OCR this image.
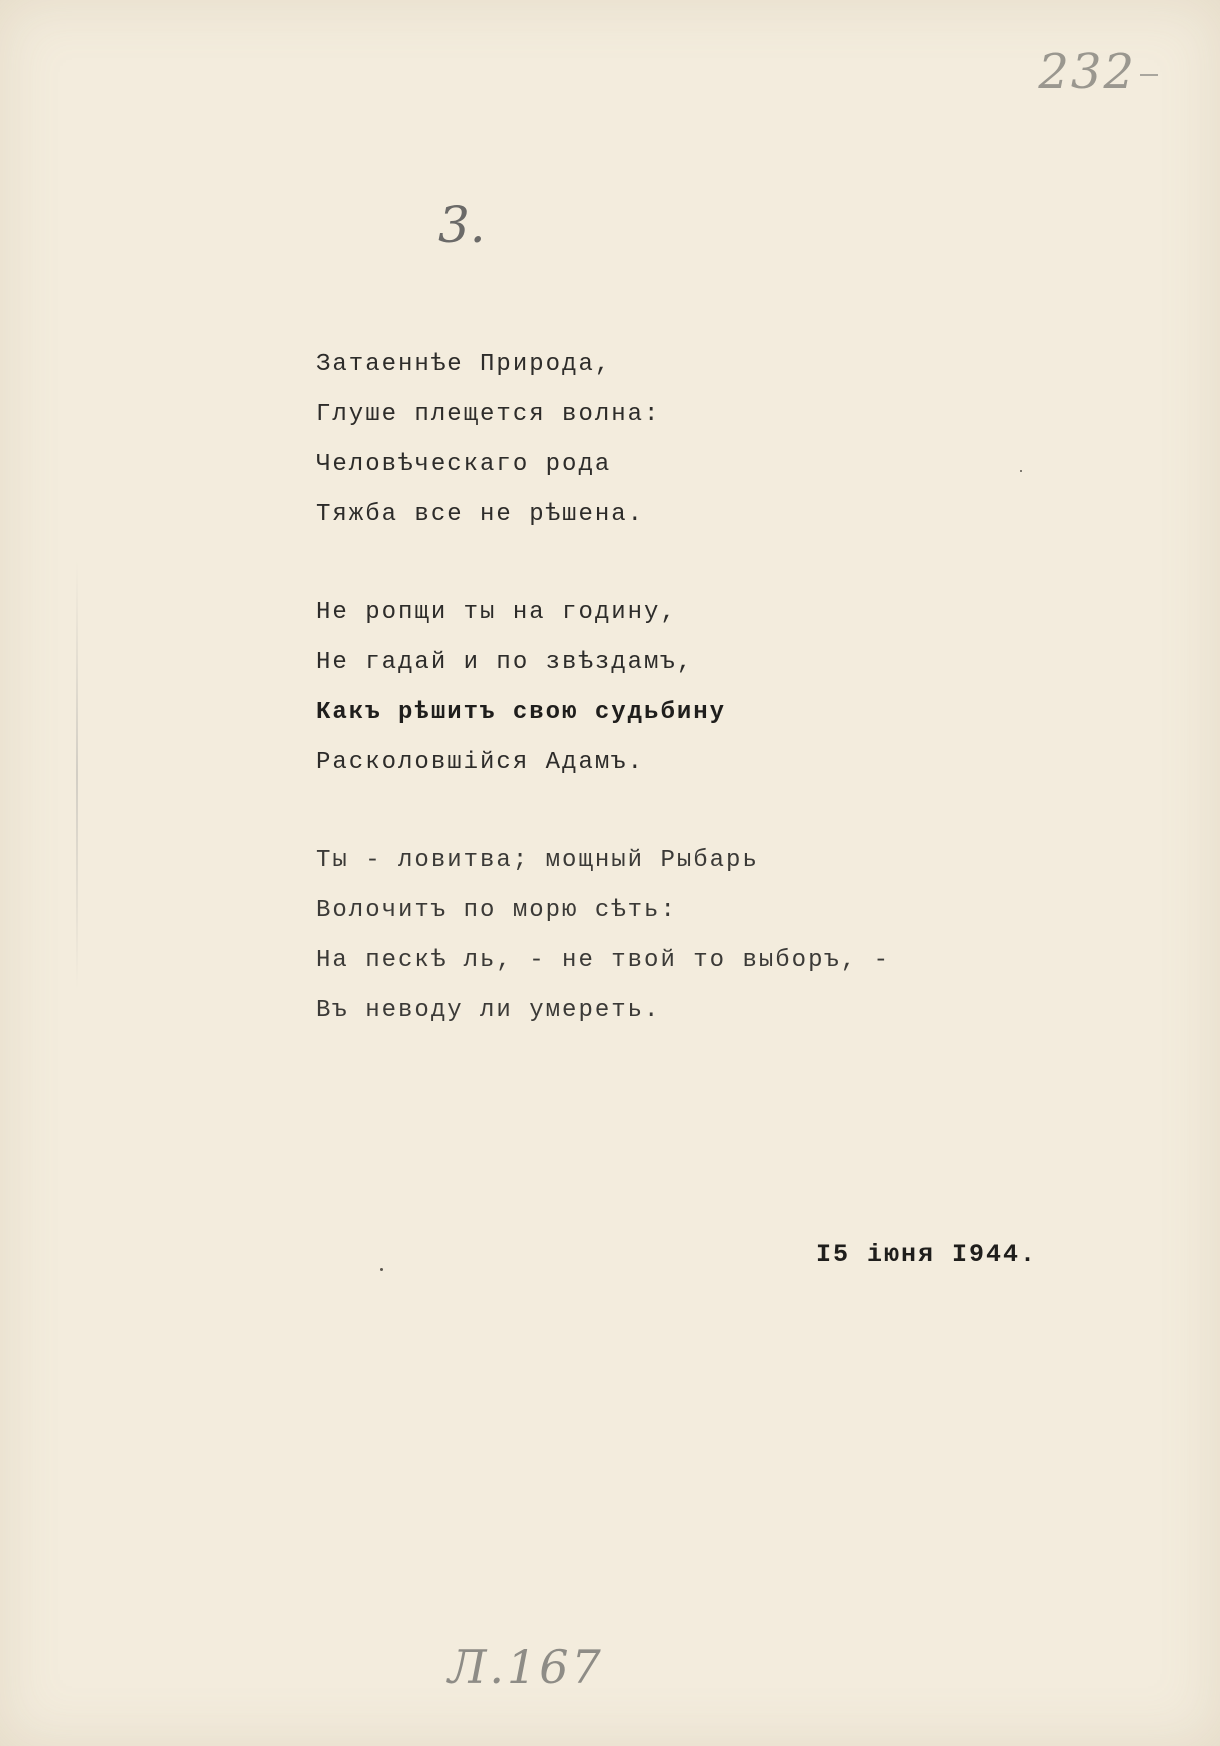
232
3.
Затаеннѣе Природа,
Глуше плещется волна:
Человѣческаго рода
Тяжба все не рѣшена.
Не ропщи ты на годину,
Не гадай и по звѣздамъ,
Какъ рѣшитъ свою судьбину
Расколовшійся Адамъ.
Ты - ловитва; мощный Рыбарь
Волочитъ по морю сѣть:
На пескѣ ль, - не твой то выборъ, -
Въ неводу ли умереть.
I5 іюня I944.
Л.167
